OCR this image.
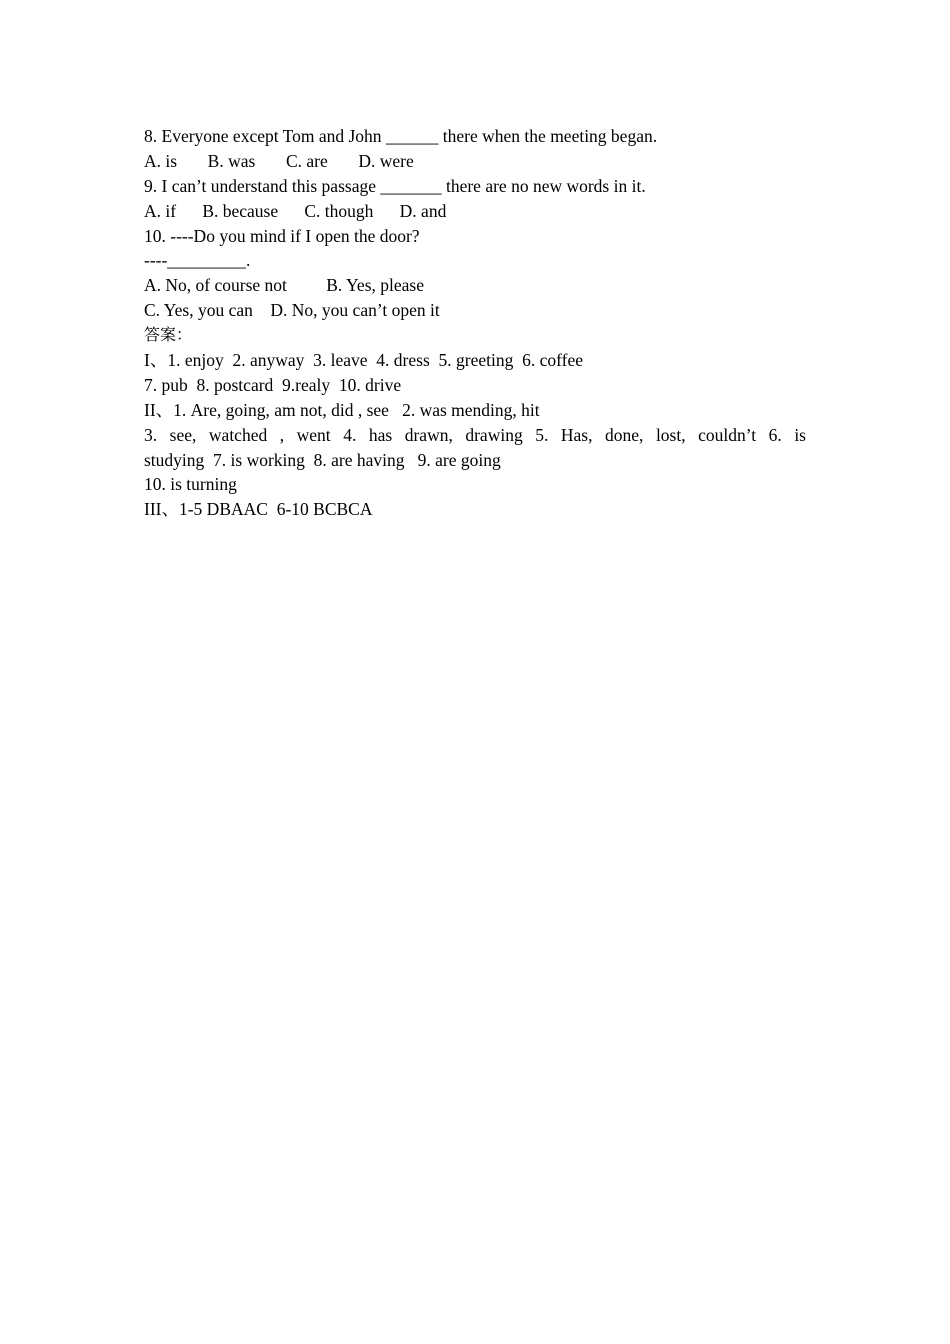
8. Everyone except Tom and John ______ there when the meeting began.
A. is       B. was       C. are       D. were
9. I can’t understand this passage _______ there are no new words in it.
A. if      B. because      C. though      D. and
10. ----Do you mind if I open the door?
----_________.
A. No, of course not         B. Yes, please
C. Yes, you can    D. No, you can’t open it
答案：
I、1. enjoy  2. anyway  3. leave  4. dress  5. greeting  6. coffee
7. pub  8. postcard  9.realy  10. drive
II、1. Are, going, am not, did , see   2. was mending, hit
3. see, watched , went 4. has drawn, drawing 5. Has, done, lost, couldn’t 6. is
studying  7. is working  8. are having   9. are going
10. is turning
III、1-5 DBAAC  6-10 BCBCA
